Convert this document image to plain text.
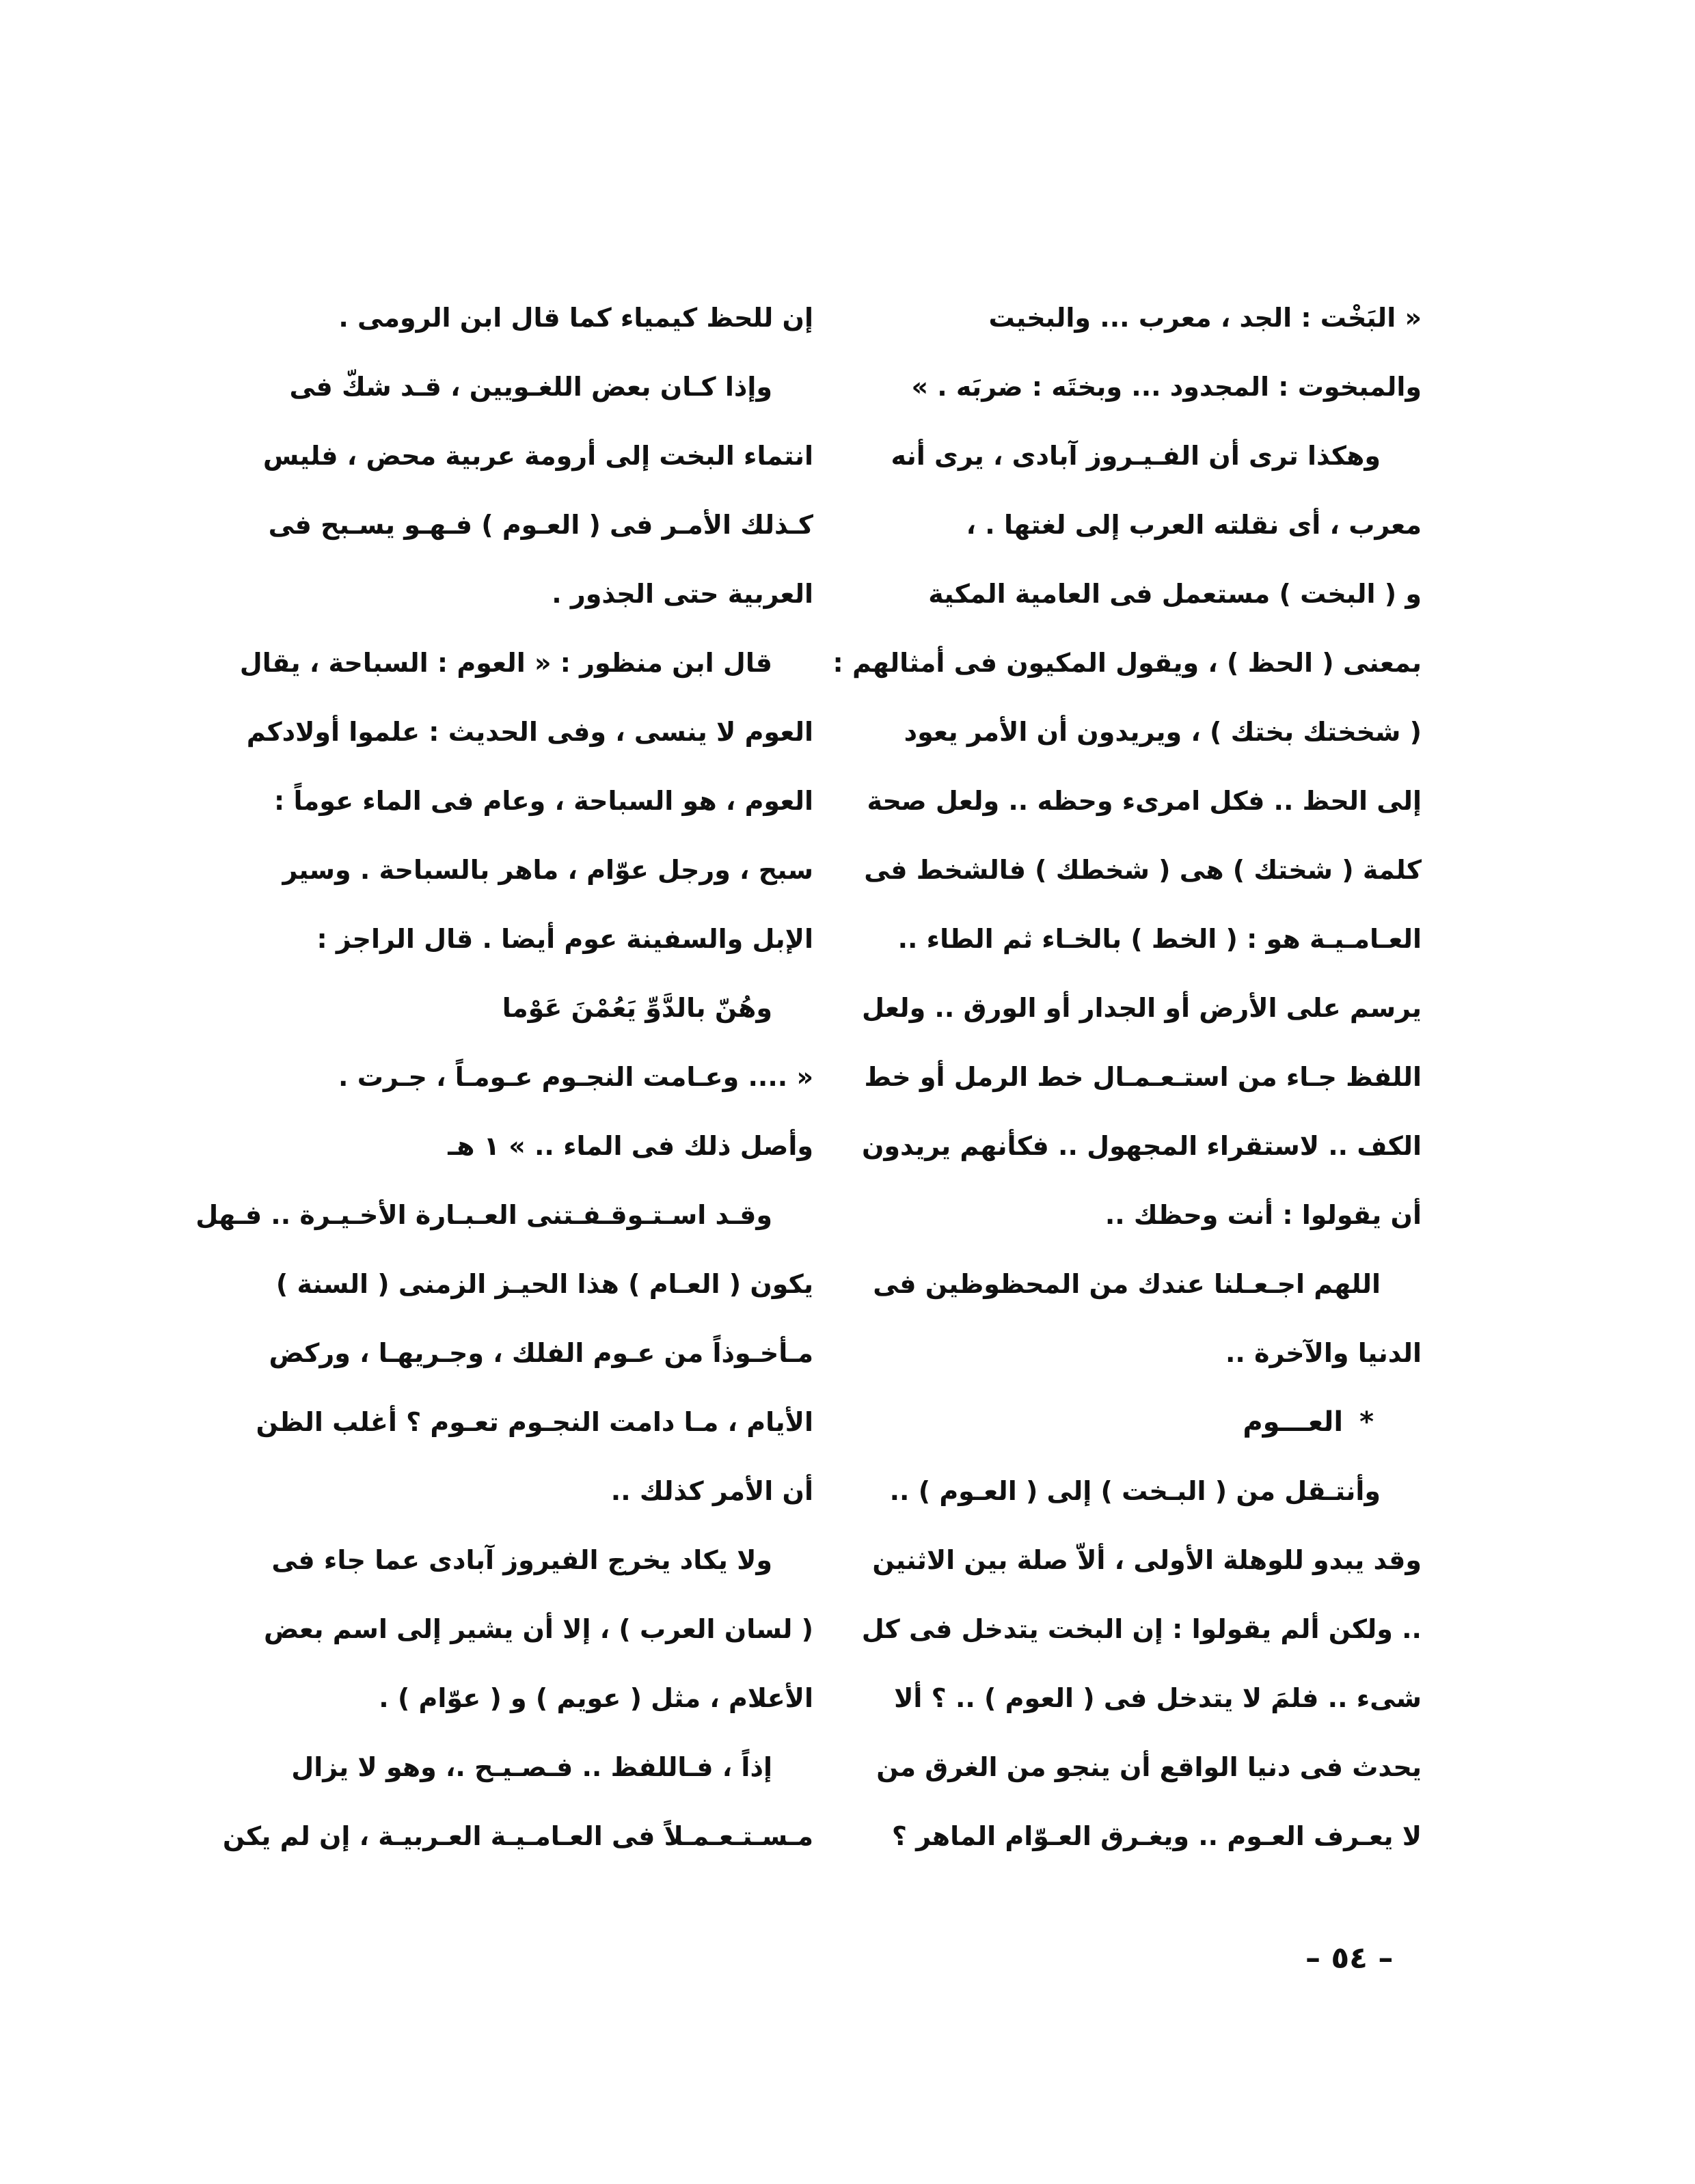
« البَخْت : الجد ، معرب ... والبخيت
والمبخوت : المجدود ... وبختَه : ضربَه . »
وهكذا ترى أن الفـيـروز آبادى ، يرى أنه
معرب ، أى نقلته العرب إلى لغتها . ،
و ( البخت ) مستعمل فى العامية المكية
بمعنى ( الحظ ) ، ويقول المكيون فى أمثالهم :
( شخختك بختك ) ، ويريدون أن الأمر يعود
إلى الحظ .. فكل امرىء وحظه .. ولعل صحة
كلمة ( شختك ) هى ( شخطك ) فالشخط فى
العـامـيـة هو : ( الخط ) بالخـاء ثم الطاء ..
يرسم على الأرض أو الجدار أو الورق .. ولعل
اللفظ جـاء من استـعـمـال خط الرمل أو خط
الكف .. لاستقراء المجهول .. فكأنهم يريدون
أن يقولوا : أنت وحظك ..
اللهم اجـعـلنا عندك من المحظوظين فى
الدنيا والآخرة ..
*العـــوم
وأنتـقل من ( البـخت ) إلى ( العـوم ) ..
وقد يبدو للوهلة الأولى ، ألاّ صلة بين الاثنين
.. ولكن ألم يقولوا : إن البخت يتدخل فى كل
شىء .. فلمَ لا يتدخل فى ( العوم ) .. ؟ ألا
يحدث فى دنيا الواقع أن ينجو من الغرق من
لا يعـرف العـوم .. ويغـرق العـوّام الماهر ؟
إن للحظ كيمياء كما قال ابن الرومى .
وإذا كـان بعض اللغـويين ، قـد شكّ فى
انتماء البخت إلى أرومة عربية محض ، فليس
كـذلك الأمـر فى ( العـوم ) فـهـو يسـبح فى
العربية حتى الجذور .
قال ابن منظور : « العوم : السباحة ، يقال
العوم لا ينسى ، وفى الحديث : علموا أولادكم
العوم ، هو السباحة ، وعام فى الماء عوماً :
سبح ، ورجل عوّام ، ماهر بالسباحة . وسير
الإبل والسفينة عوم أيضا . قال الراجز :
وهُنّ بالدَّوِّ يَعُمْنَ عَوْما
« .... وعـامت النجـوم عـومـاً ، جـرت .
وأصل ذلك فى الماء .. » ١ هـ
وقـد اسـتـوقـفـتنى العـبـارة الأخـيـرة .. فـهل
يكون ( العـام ) هذا الحيـز الزمنى ( السنة )
مـأخـوذاً من عـوم الفلك ، وجـريهـا ، وركض
الأيام ، مـا دامت النجـوم تعـوم ؟ أغلب الظن
أن الأمر كذلك ..
ولا يكاد يخرج الفيروز آبادى عما جاء فى
( لسان العرب ) ، إلا أن يشير إلى اسم بعض
الأعلام ، مثل ( عويم ) و ( عوّام ) .
إذاً ، فـاللفظ .. فـصـيـح .، وهو لا يزال
مـسـتـعـمـلاً فى العـامـيـة العـربيـة ، إن لم يكن
– ٥٤ –
